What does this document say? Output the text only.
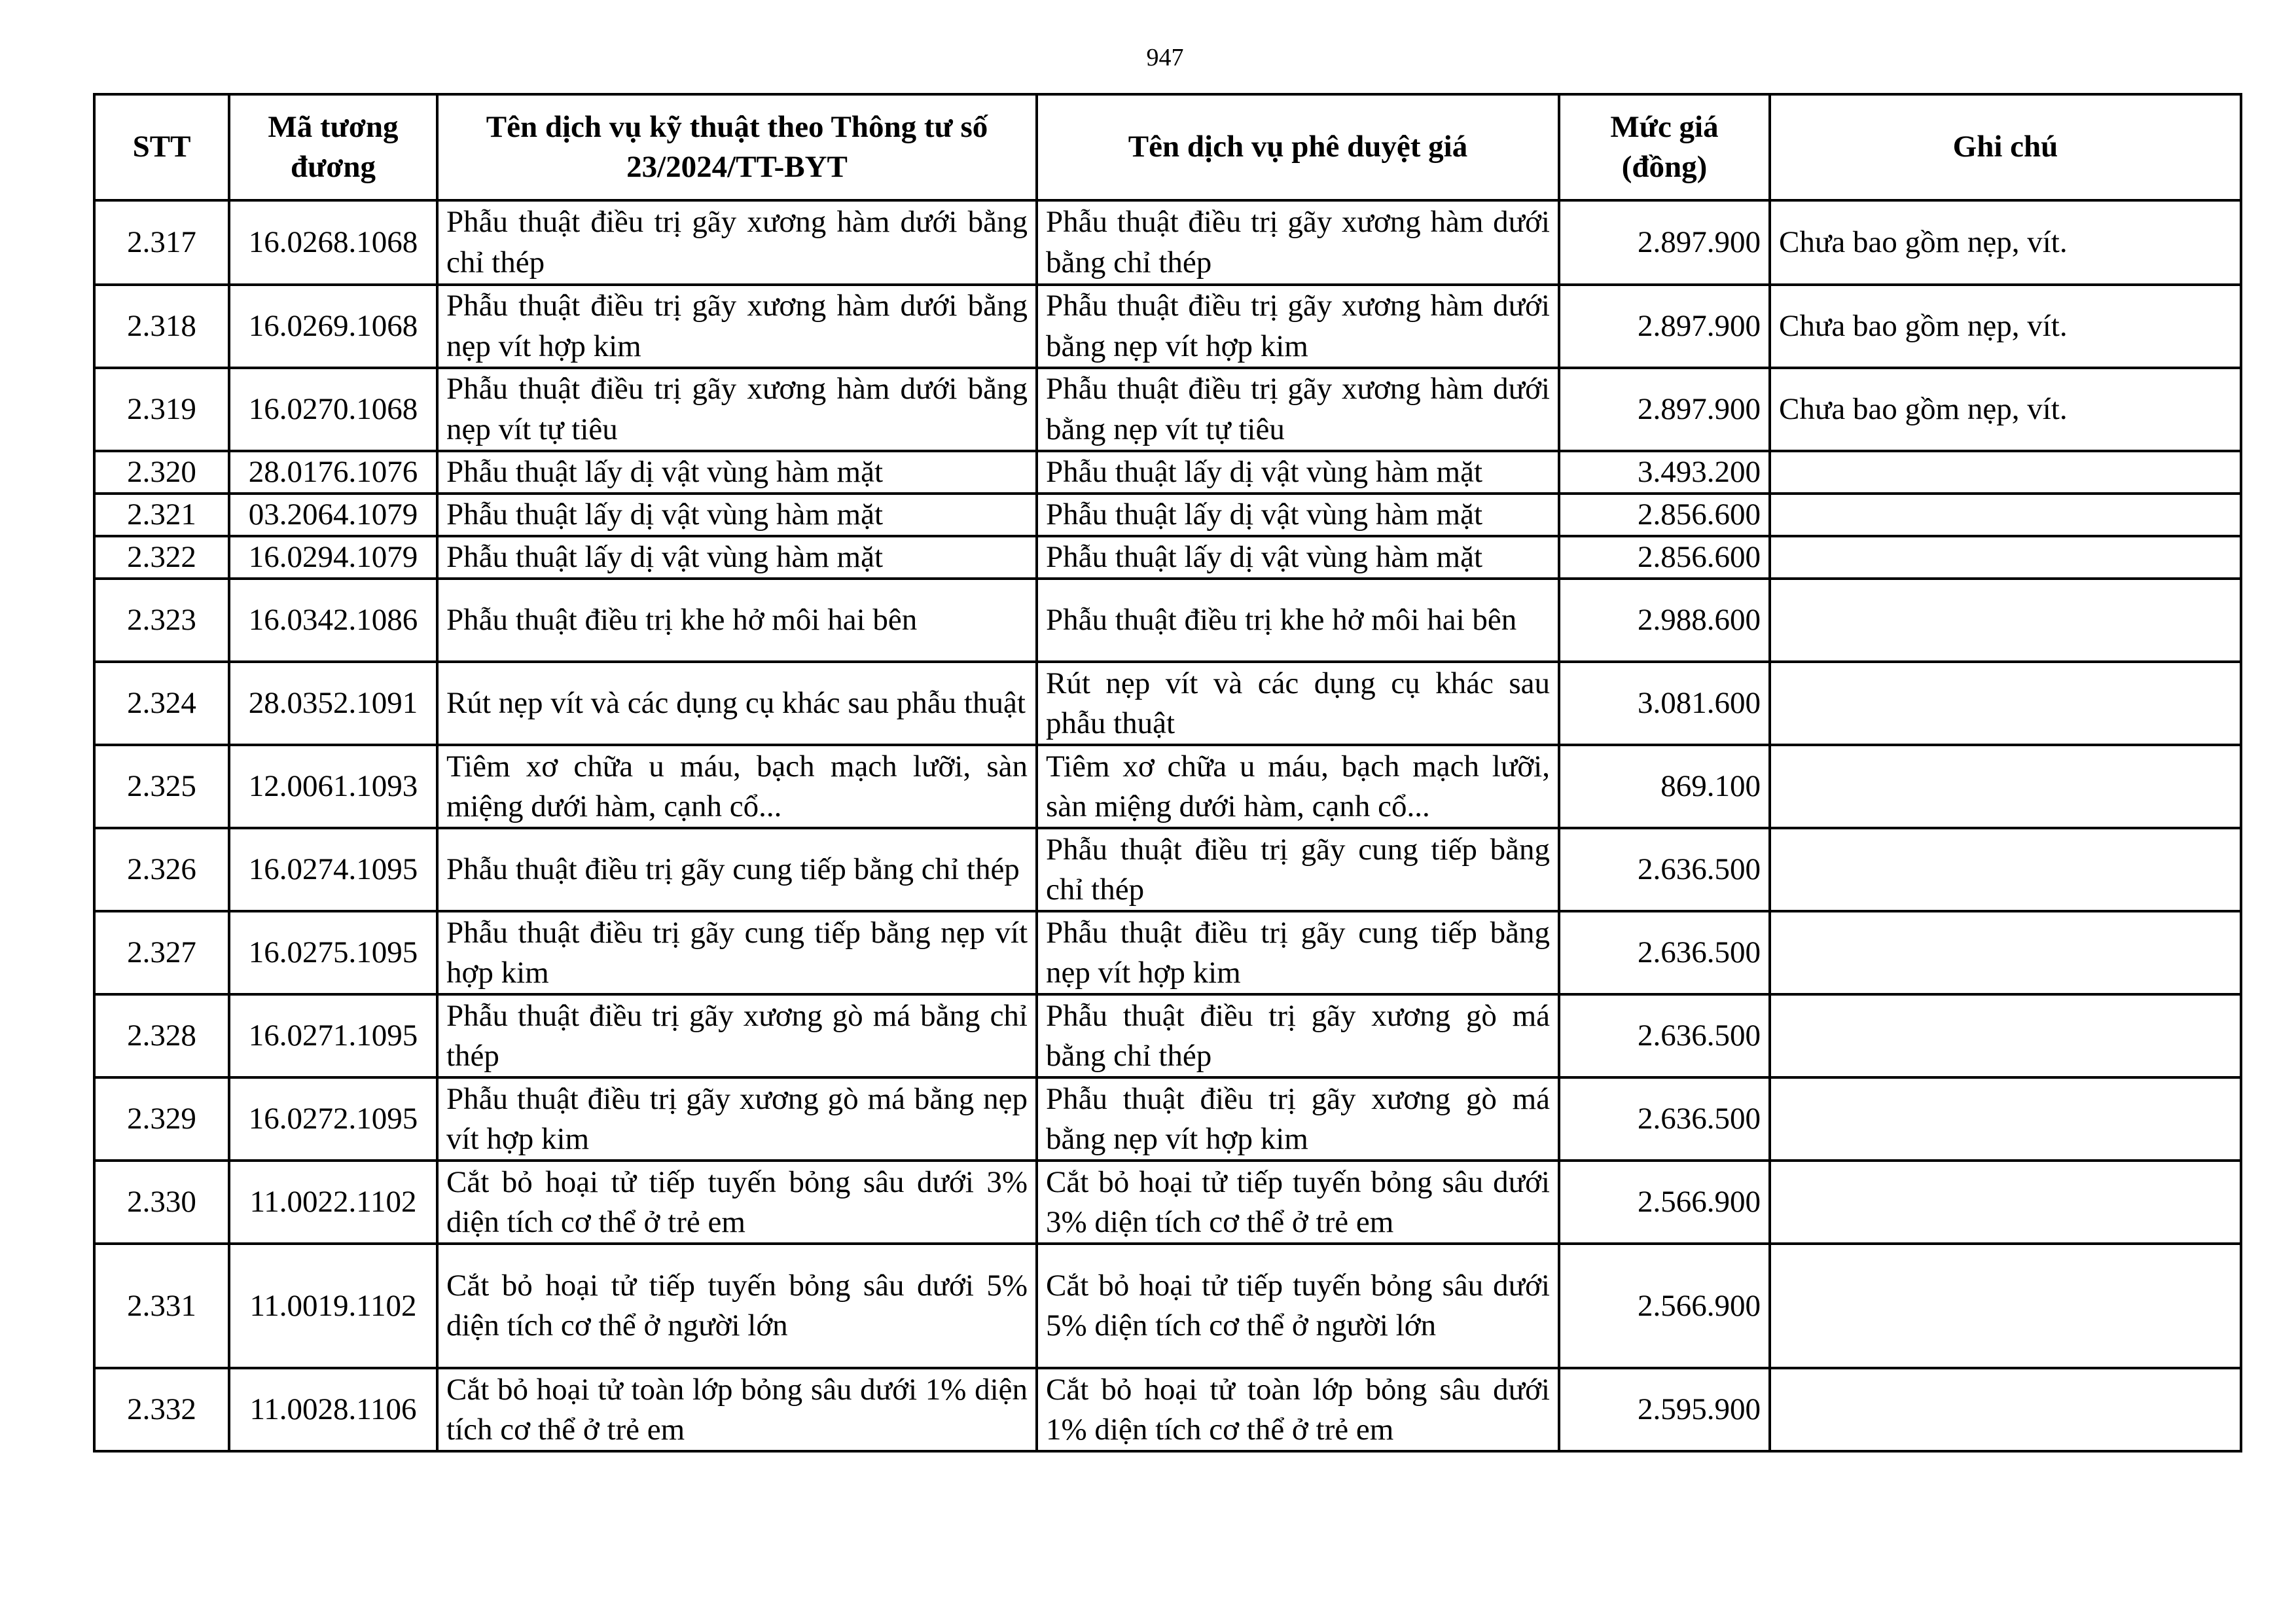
947
STT	Mã tương đương	Tên dịch vụ kỹ thuật theo Thông tư số 23/2024/TT-BYT	Tên dịch vụ phê duyệt giá	Mức giá (đồng)	Ghi chú
2.317	16.0268.1068	Phẫu thuật điều trị gãy xương hàm dưới bằng chỉ thép	Phẫu thuật điều trị gãy xương hàm dưới bằng chỉ thép	2.897.900	Chưa bao gồm nẹp, vít.
2.318	16.0269.1068	Phẫu thuật điều trị gãy xương hàm dưới bằng nẹp vít hợp kim	Phẫu thuật điều trị gãy xương hàm dưới bằng nẹp vít hợp kim	2.897.900	Chưa bao gồm nẹp, vít.
2.319	16.0270.1068	Phẫu thuật điều trị gãy xương hàm dưới bằng nẹp vít tự tiêu	Phẫu thuật điều trị gãy xương hàm dưới bằng nẹp vít tự tiêu	2.897.900	Chưa bao gồm nẹp, vít.
2.320	28.0176.1076	Phẫu thuật lấy dị vật vùng hàm mặt	Phẫu thuật lấy dị vật vùng hàm mặt	3.493.200	
2.321	03.2064.1079	Phẫu thuật lấy dị vật vùng hàm mặt	Phẫu thuật lấy dị vật vùng hàm mặt	2.856.600	
2.322	16.0294.1079	Phẫu thuật lấy dị vật vùng hàm mặt	Phẫu thuật lấy dị vật vùng hàm mặt	2.856.600	
2.323	16.0342.1086	Phẫu thuật điều trị khe hở môi hai bên	Phẫu thuật điều trị khe hở môi hai bên	2.988.600	
2.324	28.0352.1091	Rút nẹp vít và các dụng cụ khác sau phẫu thuật	Rút nẹp vít và các dụng cụ khác sau phẫu thuật	3.081.600	
2.325	12.0061.1093	Tiêm xơ chữa u máu, bạch mạch lưỡi, sàn miệng dưới hàm, cạnh cổ...	Tiêm xơ chữa u máu, bạch mạch lưỡi, sàn miệng dưới hàm, cạnh cổ...	869.100	
2.326	16.0274.1095	Phẫu thuật điều trị gãy cung tiếp bằng chỉ thép	Phẫu thuật điều trị gãy cung tiếp bằng chỉ thép	2.636.500	
2.327	16.0275.1095	Phẫu thuật điều trị gãy cung tiếp bằng nẹp vít hợp kim	Phẫu thuật điều trị gãy cung tiếp bằng nẹp vít hợp kim	2.636.500	
2.328	16.0271.1095	Phẫu thuật điều trị gãy xương gò má bằng chỉ thép	Phẫu thuật điều trị gãy xương gò má bằng chỉ thép	2.636.500	
2.329	16.0272.1095	Phẫu thuật điều trị gãy xương gò má bằng nẹp vít hợp kim	Phẫu thuật điều trị gãy xương gò má bằng nẹp vít hợp kim	2.636.500	
2.330	11.0022.1102	Cắt bỏ hoại tử tiếp tuyến bỏng sâu dưới 3% diện tích cơ thể ở trẻ em	Cắt bỏ hoại tử tiếp tuyến bỏng sâu dưới 3% diện tích cơ thể ở trẻ em	2.566.900	
2.331	11.0019.1102	Cắt bỏ hoại tử tiếp tuyến bỏng sâu dưới 5% diện tích cơ thể ở người lớn	Cắt bỏ hoại tử tiếp tuyến bỏng sâu dưới 5% diện tích cơ thể ở người lớn	2.566.900	
2.332	11.0028.1106	Cắt bỏ hoại tử toàn lớp bỏng sâu dưới 1% diện tích cơ thể ở trẻ em	Cắt bỏ hoại tử toàn lớp bỏng sâu dưới 1% diện tích cơ thể ở trẻ em	2.595.900	
